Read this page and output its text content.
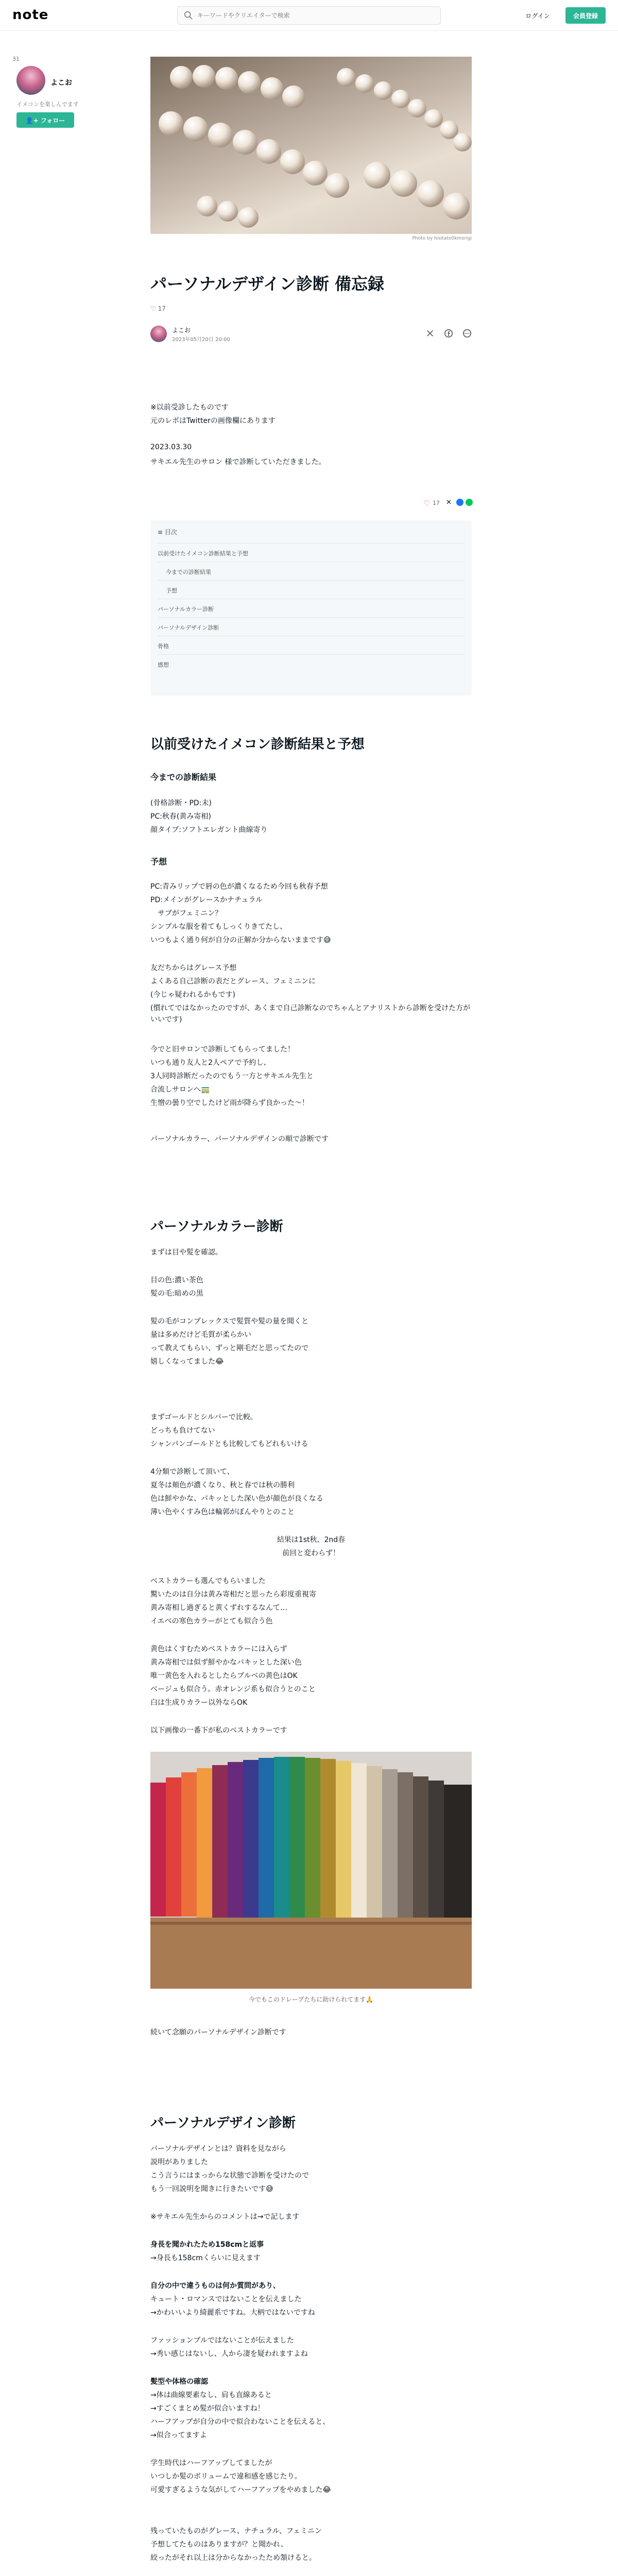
note
キーワードやクリエイターで検索	ログイン	会員登録
31
よこお
イメコンを楽しんでます
👤+ フォロー
Photo by hisitato0kmorigi
パーソナルデザイン診断 備忘録
♡ 17
よこお
2023年05月20日 20:00
※以前受診したものです
元のレポはTwitterの画像欄にあります
2023.03.30
サキエル先生のサロン 様で診断していただきました。
♡ 17 ✕
≡ 目次
以前受けたイメコン診断結果と予想
今までの診断結果
予想
パーソナルカラー診断
パーソナルデザイン診断
骨格
感想
以前受けたイメコン診断結果と予想
今までの診断結果
(骨格診断・PD:未)
PC:秋春(黄み寄相)
顔タイプ:ソフトエレガント曲線寄り
予想
PC:青みリップで唇の色が濃くなるため今回も秋春予想
PD:メインがグレースかナチュラル
　サブがフェミニン？
シンプルな服を着てもしっくりきてたし、
いつもよく通り何が自分の正解か分からないままです😅
友だちからはグレース予想
よくある自己診断の表だとグレース、フェミニンに
(今じゃ疑われるかもです)
(慣れてではなかったのですが、あくまで自己診断なのでちゃんとアナリストから診断を受けた方がいいです)
今でと旧サロンで診断してもらってました！
いつも通り友人と2人ペアで予約し、
3人同時診断だったのでもう一方とサキエル先生と
合流しサロンへ🚃
生憎の曇り空でしたけど雨が降らず良かった〜！
パーソナルカラー、パーソナルデザインの順で診断です
パーソナルカラー診断
まずは目や髪を確認。
目の色:濃い茶色
髪の毛:暗めの黒
髪の毛がコンプレックスで髪質や髪の量を聞くと
量は多めだけど毛質が柔らかい
って教えてもらい、ずっと剛毛だと思ってたので
嬉しくなってました😂
まずゴールドとシルバーで比較。
どっちも負けてない
シャンパンゴールドとも比較してもどれもいける
4分類で診断して頂いて、
夏冬は頬色が濃くなり、秋と春では秋の勝利
色は鮮やかな、パキッとした深い色が顔色が良くなる
薄い色やくすみ色は輪郭がぼんやりとのこと
結果は1st秋、2nd春
前回と変わらず！
ベストカラーも選んでもらいました
驚いたのは自分は黄み寄相だと思ったら彩度重視寄
黄み寄相し過ぎると黄くずれするなんて…
イエベの寒色カラーがとても似合う色
黄色はくすむためベストカラーには入らず
黄み寄相では似ず鮮やかなパキッとした深い色
唯一黄色を入れるとしたらブルベの黄色はOK
ベージュも似合う。赤オレンジ系も似合うとのこと
白は生成りカラー以外ならOK
以下画像の一番下が私のベストカラーです
今でもこのドレープたちに助けられてます🙏
続いて念願のパーソナルデザイン診断です
パーソナルデザイン診断
パーソナルデザインとは？資料を見ながら
説明がありました
こう言うにはまっからな状態で診断を受けたので
もう一回説明を聞きに行きたいです😅
※サキエル先生からのコメントは→で記します
身長を聞かれたため158cmと返事
→身長も158cmくらいに見えます
自分の中で違うものは何か質問があり、
キュート・ロマンスではないことを伝えました
→かわいいより綺麗系ですね。大柄ではないですね
ファッションブルではないことが伝えました
→秀い感じはないし、人から凄を疑われますよね
髪型や体格の確認
→体は曲線要素なし、肩も直線あると
→すごくまとめ髪が似合いますね！
ハーフアップが自分の中で似合わないことを伝えると、
→似合ってますよ
学生時代はハーフアップしてましたが
いつしか髪のボリュームで違和感を感じたり。
可愛すぎるような気がしてハーフアップをやめました😂
残っていたものがグレース、ナチュラル、フェミニン
予想してたものはありますが？と聞かれ、
絞ったがそれ以上は分からなかったため頷けると。
